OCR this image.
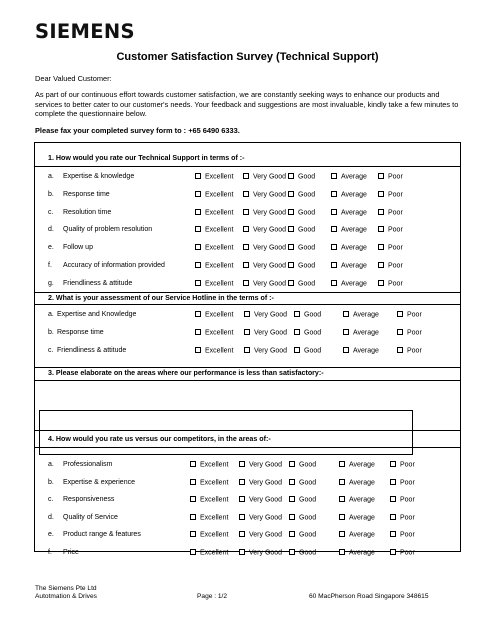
SIEMENS
Customer Satisfaction Survey (Technical Support)
Dear Valued Customer:
As part of our continuous effort towards customer satisfaction, we are constantly seeking ways to enhance our products and services to better cater to our customer's needs. Your feedback and suggestions are most invaluable, kindly take a few minutes to complete the questionnaire below.
Please fax your completed survey form to : +65 6490 6333.
1. How would you rate our Technical Support in terms of :-
a. Expertise & knowledge	Excellent	Very Good	Good	Average	Poor
b. Response time	Excellent	Very Good	Good	Average	Poor
c. Resolution time	Excellent	Very Good	Good	Average	Poor
d. Quality of problem resolution	Excellent	Very Good	Good	Average	Poor
e. Follow up	Excellent	Very Good	Good	Average	Poor
f. Accuracy of information provided	Excellent	Very Good	Good	Average	Poor
g. Friendliness & attitude	Excellent	Very Good	Good	Average	Poor
2. What is your assessment of our Service Hotline in the terms of :-
a. Expertise and Knowledge	Excellent	Very Good	Good	Average	Poor
b. Response time	Excellent	Very Good	Good	Average	Poor
c. Friendliness & attitude	Excellent	Very Good	Good	Average	Poor
3. Please elaborate on the areas where our performance is less than satisfactory:-
4. How would you rate us versus our competitors, in the areas of:-
a. Professionalism	Excellent	Very Good	Good	Average	Poor
b. Expertise & experience	Excellent	Very Good	Good	Average	Poor
c. Responsiveness	Excellent	Very Good	Good	Average	Poor
d. Quality of Service	Excellent	Very Good	Good	Average	Poor
e. Product range & features	Excellent	Very Good	Good	Average	Poor
f. Price	Excellent	Very Good	Good	Average	Poor
The Siemens Pte Ltd
Autotmation & Drives	Page : 1/2	60 MacPherson Road Singapore 348615
